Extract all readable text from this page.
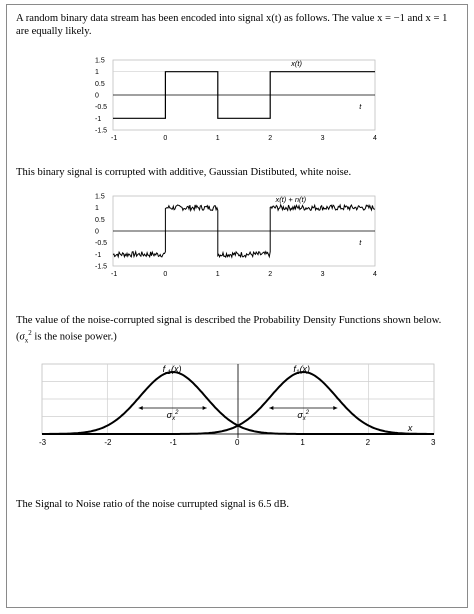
A random binary data stream has been encoded into signal x(t) as follows. The value x = −1 and x = 1 are equally likely.

1.5
1
0.5
0
-0.5
-1
-1.5
-1	0	1	2	3	4
x(t)
t

This binary signal is corrupted with additive, Gaussian Distibuted, white noise.

1.5
1
0.5
0
-0.5
-1
-1.5
-1	0	1	2	3	4
x(t) + n(t)
t

The value of the noise-corrupted signal is described the Probability Density Functions shown below. ($\sigma_x^2$ is the noise power.)

-3	-2	-1	0	1	2	3
$f_{-1}(x)$	$f_1(x)$
$\sigma_x^2$	$\sigma_x^2$
x

The Signal to Noise ratio of the noise currupted signal is 6.5 dB.
